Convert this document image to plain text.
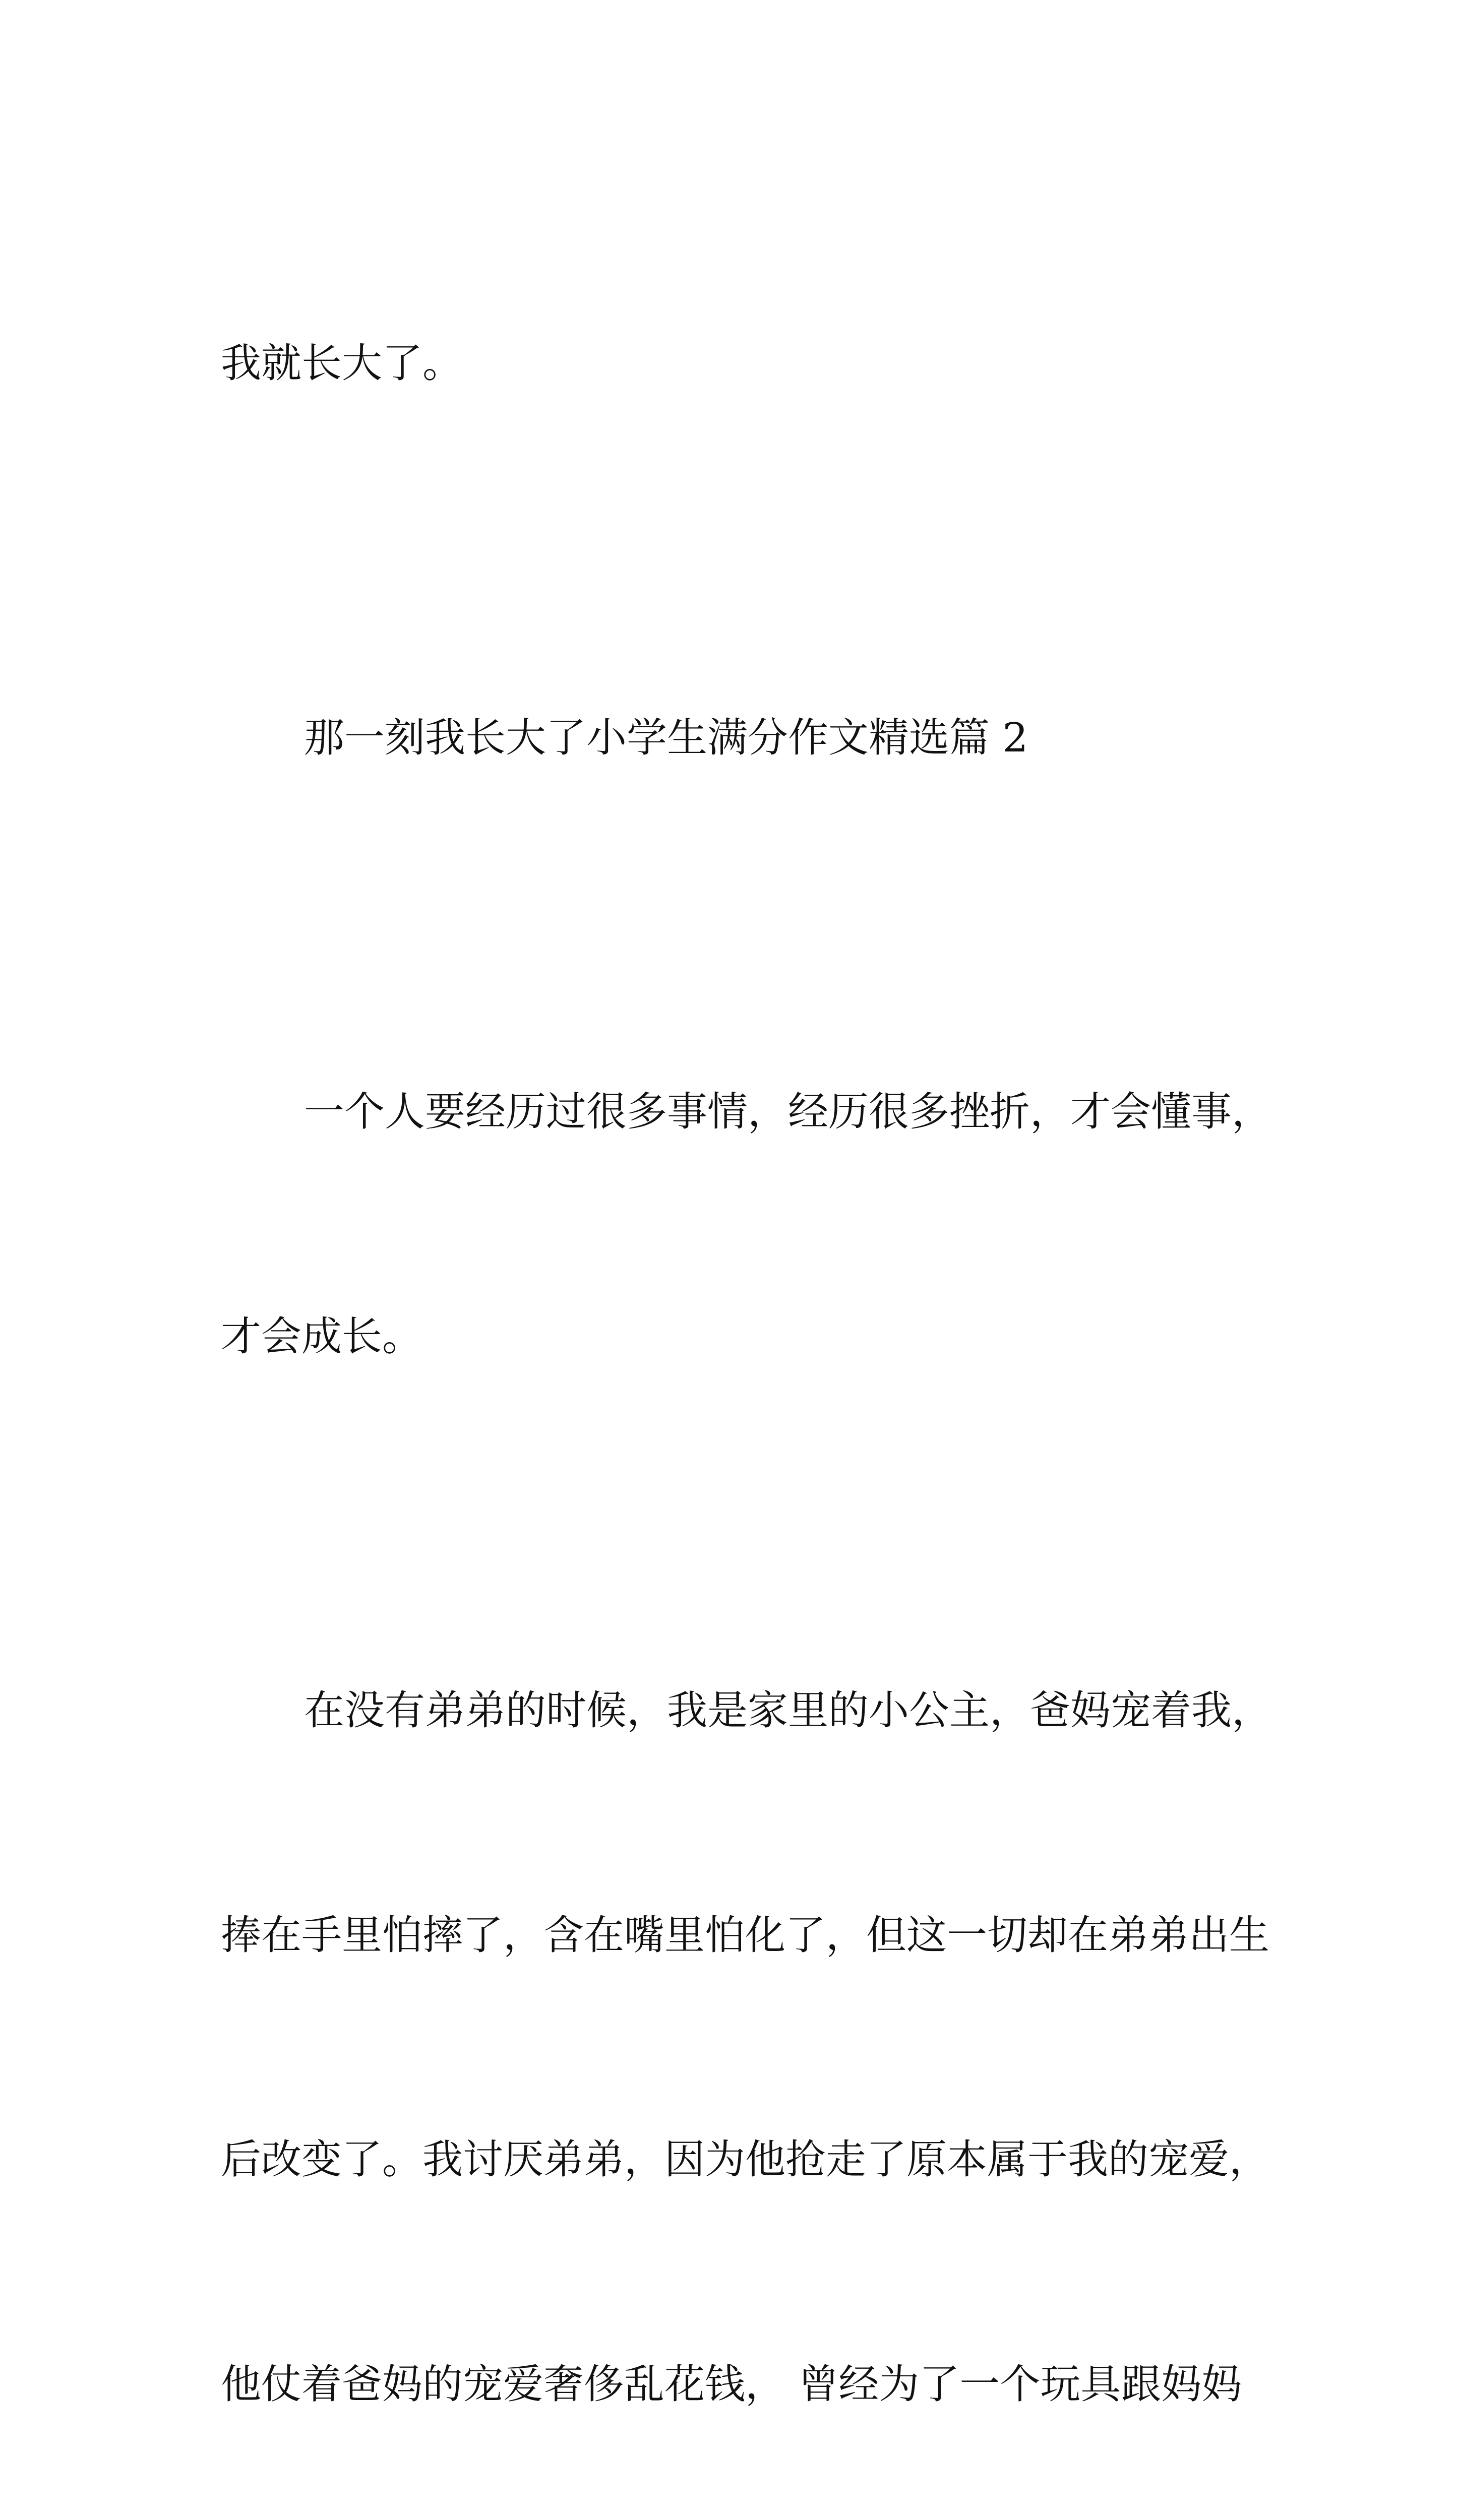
我就长大了。

那一刻我长大了小学生满分作文精选篇 2

一个人要经历过很多事情，经历很多挫折，才会懂事，

才会成长。

在没有弟弟的时候，我是家里的小公主，爸妈宠着我，

捧在手里怕摔了，含在嘴里怕化了，但这一切却在弟弟出生

后改变了。我讨厌弟弟，因为他抢走了原本属于我的宠爱，

他仗着爸妈的宠爱奢侈乱花钱， 曾经为了一个玩具跟妈妈
